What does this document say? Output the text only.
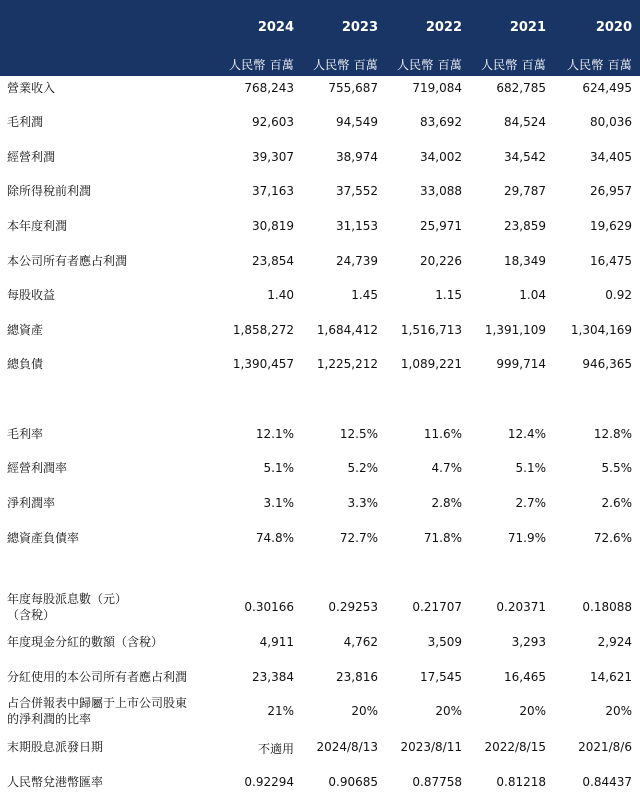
2024	2023	2022	2021	2020
人民幣 百萬	人民幣 百萬	人民幣 百萬	人民幣 百萬	人民幣 百萬
營業收入	768,243	755,687	719,084	682,785	624,495
毛利潤	92,603	94,549	83,692	84,524	80,036
經營利潤	39,307	38,974	34,002	34,542	34,405
除所得稅前利潤	37,163	37,552	33,088	29,787	26,957
本年度利潤	30,819	31,153	25,971	23,859	19,629
本公司所有者應占利潤	23,854	24,739	20,226	18,349	16,475
每股收益	1.40	1.45	1.15	1.04	0.92
總資產	1,858,272	1,684,412	1,516,713	1,391,109	1,304,169
總負債	1,390,457	1,225,212	1,089,221	999,714	946,365
毛利率	12.1%	12.5%	11.6%	12.4%	12.8%
經營利潤率	5.1%	5.2%	4.7%	5.1%	5.5%
淨利潤率	3.1%	3.3%	2.8%	2.7%	2.6%
總資產負債率	74.8%	72.7%	71.8%	71.9%	72.6%
年度每股派息數（元）
（含稅）
0.30166	0.29253	0.21707	0.20371	0.18088
年度現金分紅的數額（含稅）	4,911	4,762	3,509	3,293	2,924
分紅使用的本公司所有者應占利潤	23,384	23,816	17,545	16,465	14,621
占合併報表中歸屬于上市公司股東
的淨利潤的比率
21%	20%	20%	20%	20%
末期股息派發日期	不適用	2024/8/13	2023/8/11	2022/8/15	2021/8/6
人民幣兌港幣匯率	0.92294	0.90685	0.87758	0.81218	0.84437
